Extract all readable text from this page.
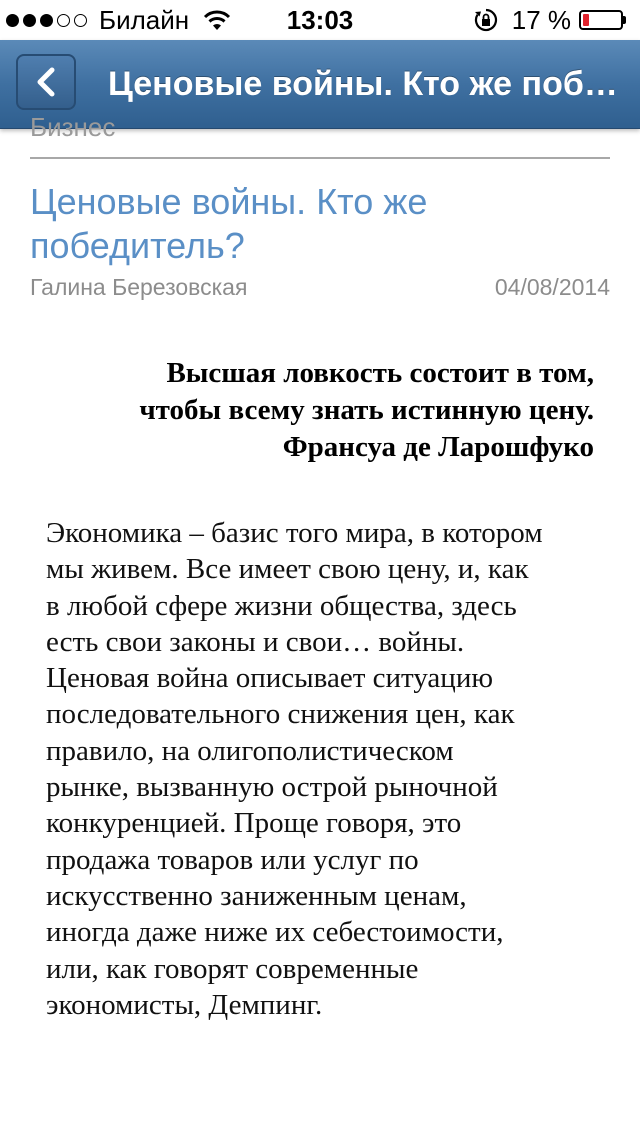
Билайн	13:03	17 %
Ценовые войны. Кто же поб…
Бизнес
Ценовые войны. Кто же
победитель?
Галина Березовская	04/08/2014
Высшая ловкость состоит в том,
чтобы всему знать истинную цену.
Франсуа де Ларошфуко
Экономика – базис того мира, в котором
мы живем. Все имеет свою цену, и, как
в любой сфере жизни общества, здесь
есть свои законы и свои… войны.
Ценовая война описывает ситуацию
последовательного снижения цен, как
правило, на олигополистическом
рынке, вызванную острой рыночной
конкуренцией. Проще говоря, это
продажа товаров или услуг по
искусственно заниженным ценам,
иногда даже ниже их себестоимости,
или, как говорят современные
экономисты, Демпинг.
